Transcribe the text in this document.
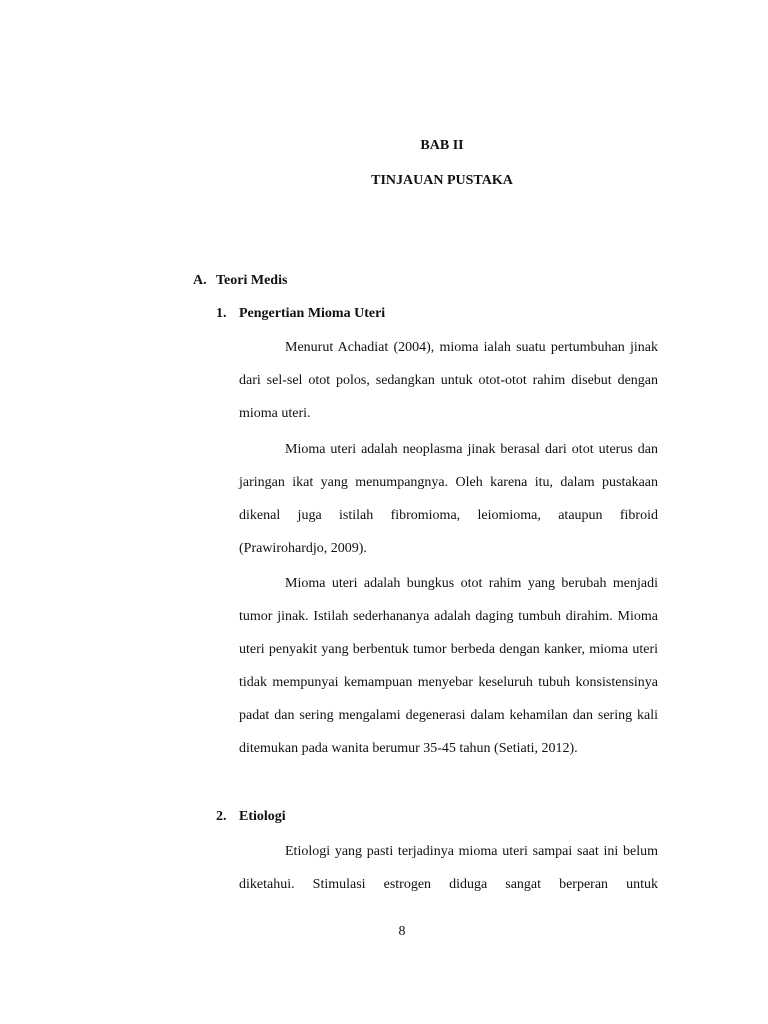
BAB II
TINJAUAN PUSTAKA
A. Teori Medis
1. Pengertian Mioma Uteri

Menurut Achadiat (2004), mioma ialah suatu pertumbuhan jinak dari sel-sel otot polos, sedangkan untuk otot-otot rahim disebut dengan mioma uteri.

Mioma uteri adalah neoplasma jinak berasal dari otot uterus dan jaringan ikat yang menumpangnya. Oleh karena itu, dalam pustakaan dikenal juga istilah fibromioma, leiomioma, ataupun fibroid (Prawirohardjo, 2009).

Mioma uteri adalah bungkus otot rahim yang berubah menjadi tumor jinak. Istilah sederhananya adalah daging tumbuh dirahim. Mioma uteri penyakit yang berbentuk tumor berbeda dengan kanker, mioma uteri tidak mempunyai kemampuan menyebar keseluruh tubuh konsistensinya padat dan sering mengalami degenerasi dalam kehamilan dan sering kali ditemukan pada wanita berumur 35-45 tahun (Setiati, 2012).

2. Etiologi

Etiologi yang pasti terjadinya mioma uteri sampai saat ini belum diketahui. Stimulasi estrogen diduga sangat berperan untuk

8
